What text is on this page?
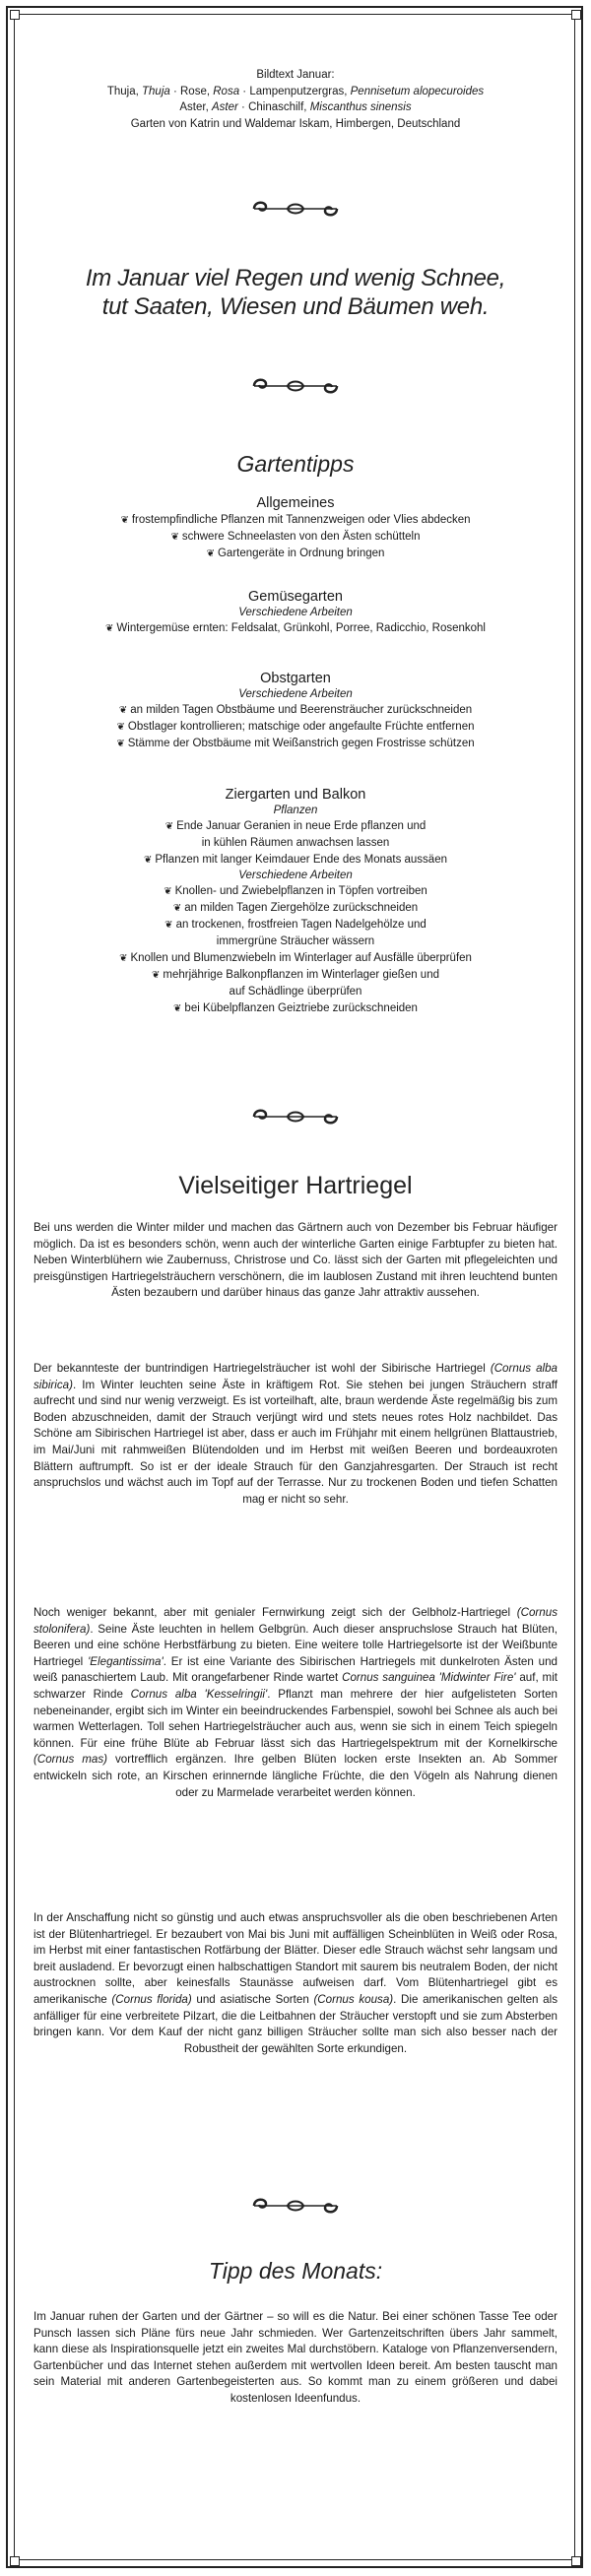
Bildtext Januar:
Thuja, Thuja · Rose, Rosa · Lampenputzergras, Pennisetum alopecuroides
Aster, Aster · Chinaschilf, Miscanthus sinensis
Garten von Katrin und Waldemar Iskam, Himbergen, Deutschland
Im Januar viel Regen und wenig Schnee,
tut Saaten, Wiesen und Bäumen weh.
Gartentipps
Allgemeines
❦ frostempfindliche Pflanzen mit Tannenzweigen oder Vlies abdecken
❦ schwere Schneelasten von den Ästen schütteln
❦ Gartengeräte in Ordnung bringen
Gemüsegarten
Verschiedene Arbeiten
❦ Wintergemüse ernten: Feldsalat, Grünkohl, Porree, Radicchio, Rosenkohl
Obstgarten
Verschiedene Arbeiten
❦ an milden Tagen Obstbäume und Beerensträucher zurückschneiden
❦ Obstlager kontrollieren; matschige oder angefaulte Früchte entfernen
❦ Stämme der Obstbäume mit Weißanstrich gegen Frostrisse schützen
Ziergarten und Balkon
Pflanzen
❦ Ende Januar Geranien in neue Erde pflanzen und
in kühlen Räumen anwachsen lassen
❦ Pflanzen mit langer Keimdauer Ende des Monats aussäen
Verschiedene Arbeiten
❦ Knollen- und Zwiebelpflanzen in Töpfen vortreiben
❦ an milden Tagen Ziergehölze zurückschneiden
❦ an trockenen, frostfreien Tagen Nadelgehölze und
immergrüne Sträucher wässern
❦ Knollen und Blumenzwiebeln im Winterlager auf Ausfälle überprüfen
❦ mehrjährige Balkonpflanzen im Winterlager gießen und
auf Schädlinge überprüfen
❦ bei Kübelpflanzen Geiztriebe zurückschneiden
Vielseitiger Hartriegel
Bei uns werden die Winter milder und machen das Gärtnern auch von Dezember bis Februar häufiger möglich. Da ist es besonders schön, wenn auch der winterliche Garten einige Farbtupfer zu bieten hat. Neben Winterblühern wie Zaubernuss, Christrose und Co. lässt sich der Garten mit pflegeleichten und preisgünstigen Hartriegelsträuchern verschönern, die im laublosen Zustand mit ihren leuchtend bunten Ästen bezaubern und darüber hinaus das ganze Jahr attraktiv aussehen.
Der bekannteste der buntrindigen Hartriegelsträucher ist wohl der Sibirische Hartriegel (Cornus alba sibirica). Im Winter leuchten seine Äste in kräftigem Rot. Sie stehen bei jungen Sträuchern straff aufrecht und sind nur wenig verzweigt. Es ist vorteilhaft, alte, braun werdende Äste regelmäßig bis zum Boden abzuschneiden, damit der Strauch verjüngt wird und stets neues rotes Holz nachbildet. Das Schöne am Sibirischen Hartriegel ist aber, dass er auch im Frühjahr mit einem hellgrünen Blattaustrieb, im Mai/Juni mit rahmweißen Blütendolden und im Herbst mit weißen Beeren und bordeauxroten Blättern auftrumpft. So ist er der ideale Strauch für den Ganzjahresgarten. Der Strauch ist recht anspruchslos und wächst auch im Topf auf der Terrasse. Nur zu trockenen Boden und tiefen Schatten mag er nicht so sehr.
Noch weniger bekannt, aber mit genialer Fernwirkung zeigt sich der Gelbholz-Hartriegel (Cornus stolonifera). Seine Äste leuchten in hellem Gelbgrün. Auch dieser anspruchslose Strauch hat Blüten, Beeren und eine schöne Herbstfärbung zu bieten. Eine weitere tolle Hartriegelsorte ist der Weißbunte Hartriegel 'Elegantissima'. Er ist eine Variante des Sibirischen Hartriegels mit dunkelroten Ästen und weiß panaschiertem Laub. Mit orangefarbener Rinde wartet Cornus sanguinea 'Midwinter Fire' auf, mit schwarzer Rinde Cornus alba 'Kesselringii'. Pflanzt man mehrere der hier aufgelisteten Sorten nebeneinander, ergibt sich im Winter ein beeindruckendes Farbenspiel, sowohl bei Schnee als auch bei warmen Wetterlagen. Toll sehen Hartriegelsträucher auch aus, wenn sie sich in einem Teich spiegeln können. Für eine frühe Blüte ab Februar lässt sich das Hartriegelspektrum mit der Kornelkirsche (Cornus mas) vortrefflich ergänzen. Ihre gelben Blüten locken erste Insekten an. Ab Sommer entwickeln sich rote, an Kirschen erinnernde längliche Früchte, die den Vögeln als Nahrung dienen oder zu Marmelade verarbeitet werden können.
In der Anschaffung nicht so günstig und auch etwas anspruchsvoller als die oben beschriebenen Arten ist der Blütenhartriegel. Er bezaubert von Mai bis Juni mit auffälligen Scheinblüten in Weiß oder Rosa, im Herbst mit einer fantastischen Rotfärbung der Blätter. Dieser edle Strauch wächst sehr langsam und breit ausladend. Er bevorzugt einen halbschattigen Standort mit saurem bis neutralem Boden, der nicht austrocknen sollte, aber keinesfalls Staunässe aufweisen darf. Vom Blütenhartriegel gibt es amerikanische (Cornus florida) und asiatische Sorten (Cornus kousa). Die amerikanischen gelten als anfälliger für eine verbreitete Pilzart, die die Leitbahnen der Sträucher verstopft und sie zum Absterben bringen kann. Vor dem Kauf der nicht ganz billigen Sträucher sollte man sich also besser nach der Robustheit der gewählten Sorte erkundigen.
Tipp des Monats:
Im Januar ruhen der Garten und der Gärtner – so will es die Natur. Bei einer schönen Tasse Tee oder Punsch lassen sich Pläne fürs neue Jahr schmieden. Wer Gartenzeitschriften übers Jahr sammelt, kann diese als Inspirationsquelle jetzt ein zweites Mal durchstöbern. Kataloge von Pflanzenversendern, Gartenbücher und das Internet stehen außerdem mit wertvollen Ideen bereit. Am besten tauscht man sein Material mit anderen Gartenbegeisterten aus. So kommt man zu einem größeren und dabei kostenlosen Ideenfundus.
